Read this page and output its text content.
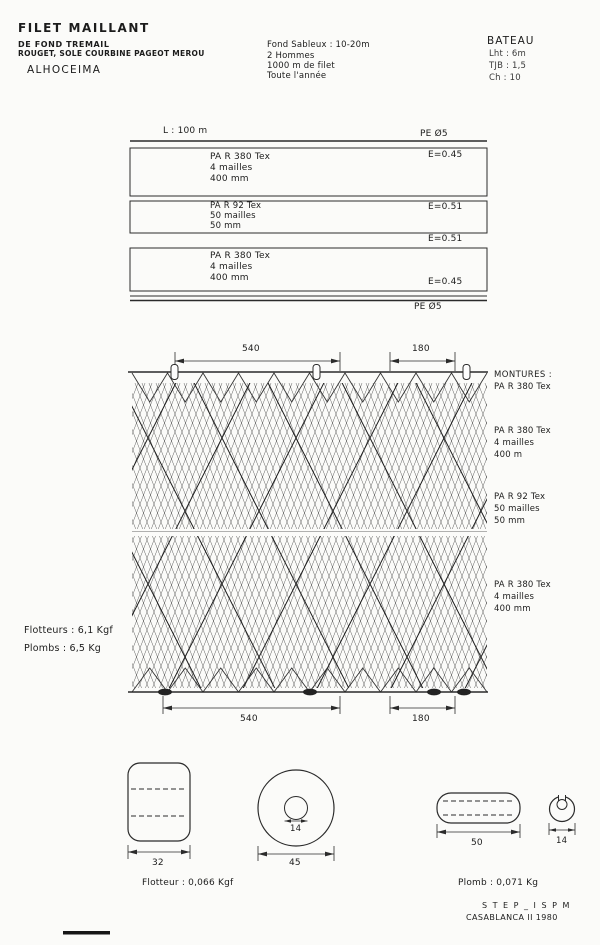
FILET MAILLANT
DE FOND TREMAIL
ROUGET, SOLE COURBINE PAGEOT MEROU
ALHOCEIMA
Fond Sableux : 10-20m
2 Hommes
1000 m de filet
Toute l'année
BATEAU
Lht : 6m
TJB : 1,5
Ch : 10
L : 100 m	PE Ø5
PA R 380 Tex
4 mailles
400 mm
E=0.45
PA R 92 Tex
50 mailles
50 mm
E=0.51
E=0.51
PA R 380 Tex
4 mailles
400 mm	E=0.45
PE Ø5
540	180
MONTURES :
PA R 380 Tex
PA R 380 Tex
4 mailles
400 m
PA R 92 Tex
50 mailles
50 mm
PA R 380 Tex
4 mailles
400 mm
Flotteurs : 6,1 Kgf
Plombs : 6,5 Kg
540	180
32
14
45
Flotteur : 0,066 Kgf
50	14
Plomb : 0,071 Kg
S T E P _ I S P M
CASABLANCA II 1980
